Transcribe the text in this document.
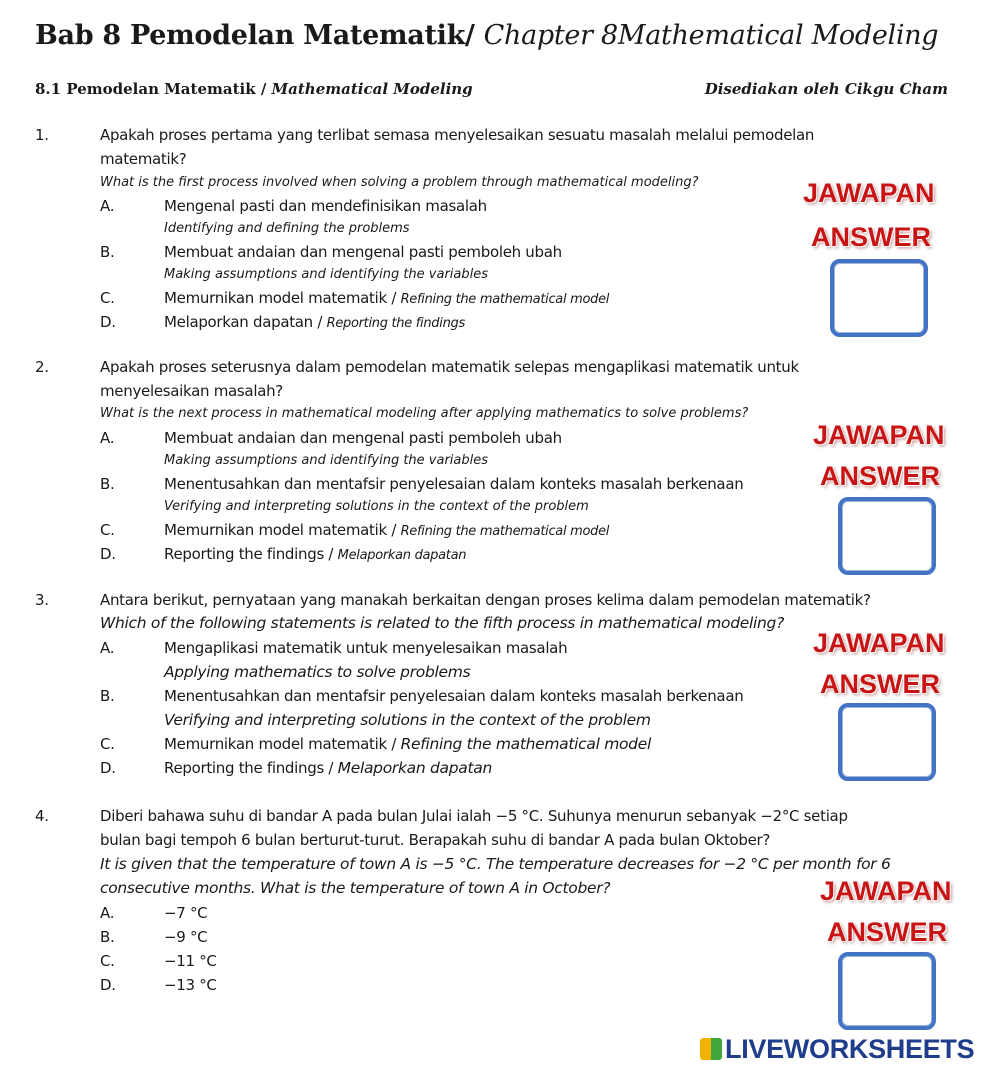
Bab 8 Pemodelan Matematik/ Chapter 8Mathematical Modeling
8.1 Pemodelan Matematik / Mathematical Modeling	Disediakan oleh Cikgu Cham
1.	Apakah proses pertama yang terlibat semasa menyelesaikan sesuatu masalah melalui pemodelan
matematik?
What is the first process involved when solving a problem through mathematical modeling?
A.	Mengenal pasti dan mendefinisikan masalah
Identifying and defining the problems
B.	Membuat andaian dan mengenal pasti pemboleh ubah
Making assumptions and identifying the variables
C.	Memurnikan model matematik / Refining the mathematical model
D.	Melaporkan dapatan / Reporting the findings
JAWAPAN
ANSWER
2.	Apakah proses seterusnya dalam pemodelan matematik selepas mengaplikasi matematik untuk
menyelesaikan masalah?
What is the next process in mathematical modeling after applying mathematics to solve problems?
A.	Membuat andaian dan mengenal pasti pemboleh ubah
Making assumptions and identifying the variables
B.	Menentusahkan dan mentafsir penyelesaian dalam konteks masalah berkenaan
Verifying and interpreting solutions in the context of the problem
C.	Memurnikan model matematik / Refining the mathematical model
D.	Reporting the findings / Melaporkan dapatan
JAWAPAN
ANSWER
3.	Antara berikut, pernyataan yang manakah berkaitan dengan proses kelima dalam pemodelan matematik?
Which of the following statements is related to the fifth process in mathematical modeling?
A.	Mengaplikasi matematik untuk menyelesaikan masalah
Applying mathematics to solve problems
B.	Menentusahkan dan mentafsir penyelesaian dalam konteks masalah berkenaan
Verifying and interpreting solutions in the context of the problem
C.	Memurnikan model matematik / Refining the mathematical model
D.	Reporting the findings / Melaporkan dapatan
JAWAPAN
ANSWER
4.	Diberi bahawa suhu di bandar A pada bulan Julai ialah −5 °C. Suhunya menurun sebanyak −2°C setiap
bulan bagi tempoh 6 bulan berturut-turut. Berapakah suhu di bandar A pada bulan Oktober?
It is given that the temperature of town A is −5 °C. The temperature decreases for −2 °C per month for 6
consecutive months. What is the temperature of town A in October?
A.	−7 °C
B.	−9 °C
C.	−11 °C
D.	−13 °C
JAWAPAN
ANSWER
LIVEWORKSHEETS
